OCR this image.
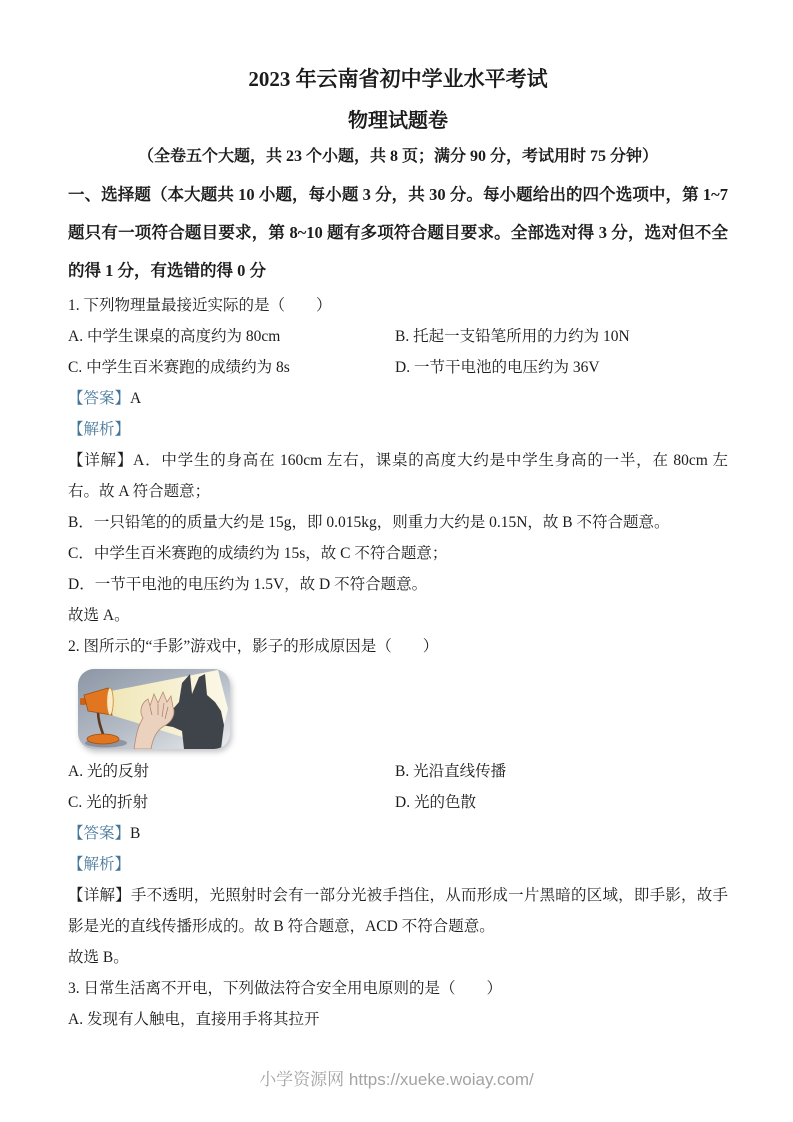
2023 年云南省初中学业水平考试
物理试题卷

（全卷五个大题，共 23 个小题，共 8 页；满分 90 分，考试用时 75 分钟）

一、选择题（本大题共 10 小题，每小题 3 分，共 30 分。每小题给出的四个选项中，第 1~7 题只有一项符合题目要求，第 8~10 题有多项符合题目要求。全部选对得 3 分，选对但不全的得 1 分，有选错的得 0 分

1. 下列物理量最接近实际的是（　　）

A. 中学生课桌的高度约为 80cm	B. 托起一支铅笔所用的力约为 10N
C. 中学生百米赛跑的成绩约为 8s	D. 一节干电池的电压约为 36V

【答案】A

【解析】

【详解】A．中学生的身高在 160cm 左右，课桌的高度大约是中学生身高的一半，在 80cm 左右。故 A 符合题意；

B．一只铅笔的的质量大约是 15g，即 0.015kg，则重力大约是 0.15N，故 B 不符合题意。

C．中学生百米赛跑的成绩约为 15s，故 C 不符合题意；

D．一节干电池的电压约为 1.5V，故 D 不符合题意。

故选 A。

2. 图所示的“手影”游戏中，影子的形成原因是（　　）

A. 光的反射	B. 光沿直线传播
C. 光的折射	D. 光的色散

【答案】B

【解析】

【详解】手不透明，光照射时会有一部分光被手挡住，从而形成一片黑暗的区域，即手影，故手影是光的直线传播形成的。故 B 符合题意，ACD 不符合题意。

故选 B。

3. 日常生活离不开电，下列做法符合安全用电原则的是（　　）

A. 发现有人触电，直接用手将其拉开

小学资源网 https://xueke.woiay.com/
